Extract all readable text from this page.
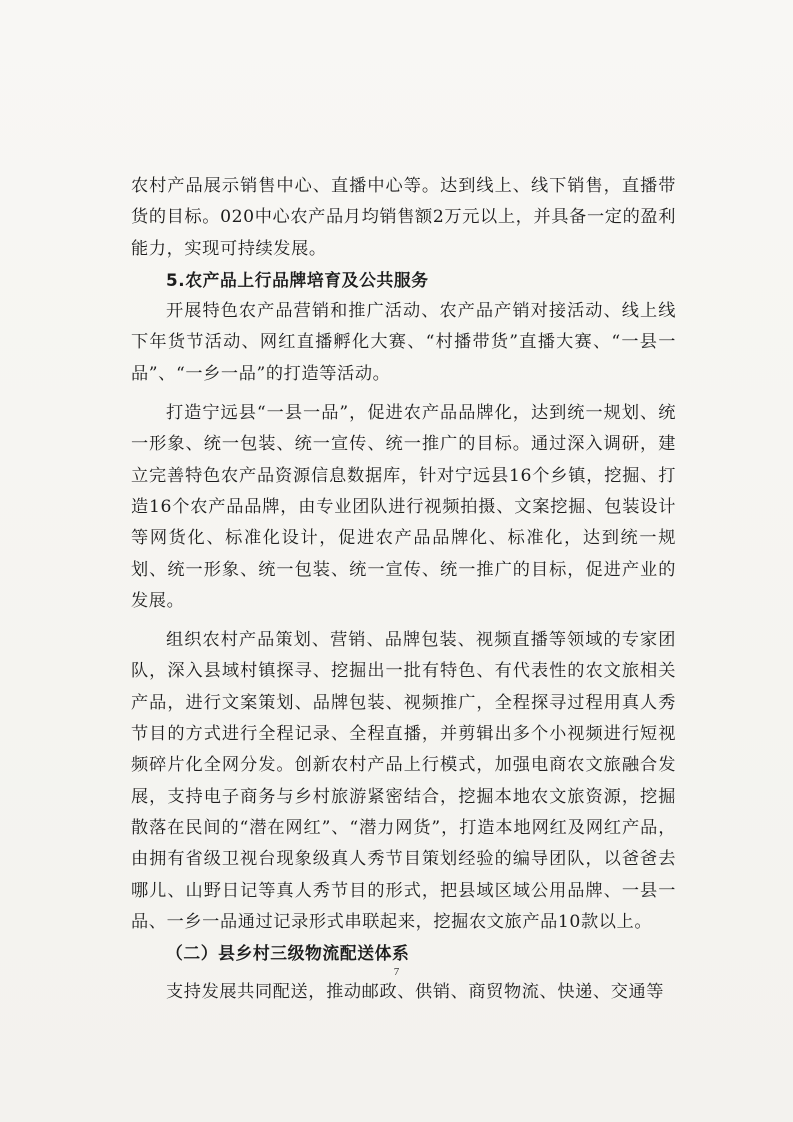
农村产品展示销售中心、直播中心等。达到线上、线下销售，直播带货的目标。020中心农产品月均销售额2万元以上，并具备一定的盈利能力，实现可持续发展。

5.农产品上行品牌培育及公共服务

开展特色农产品营销和推广活动、农产品产销对接活动、线上线下年货节活动、网红直播孵化大赛、“村播带货”直播大赛、“一县一品”、“一乡一品”的打造等活动。

打造宁远县“一县一品”，促进农产品品牌化，达到统一规划、统一形象、统一包装、统一宣传、统一推广的目标。通过深入调研，建立完善特色农产品资源信息数据库，针对宁远县16个乡镇，挖掘、打造16个农产品品牌，由专业团队进行视频拍摄、文案挖掘、包装设计等网货化、标准化设计，促进农产品品牌化、标准化，达到统一规划、统一形象、统一包装、统一宣传、统一推广的目标，促进产业的发展。

组织农村产品策划、营销、品牌包装、视频直播等领域的专家团队，深入县域村镇探寻、挖掘出一批有特色、有代表性的农文旅相关产品，进行文案策划、品牌包装、视频推广，全程探寻过程用真人秀节目的方式进行全程记录、全程直播，并剪辑出多个小视频进行短视频碎片化全网分发。创新农村产品上行模式，加强电商农文旅融合发展，支持电子商务与乡村旅游紧密结合，挖掘本地农文旅资源，挖掘散落在民间的“潜在网红”、“潜力网货”，打造本地网红及网红产品，由拥有省级卫视台现象级真人秀节目策划经验的编导团队，以爸爸去哪儿、山野日记等真人秀节目的形式，把县域区域公用品牌、一县一品、一乡一品通过记录形式串联起来，挖掘农文旅产品10款以上。

（二）县乡村三级物流配送体系

支持发展共同配送，推动邮政、供销、商贸物流、快递、交通等

7
